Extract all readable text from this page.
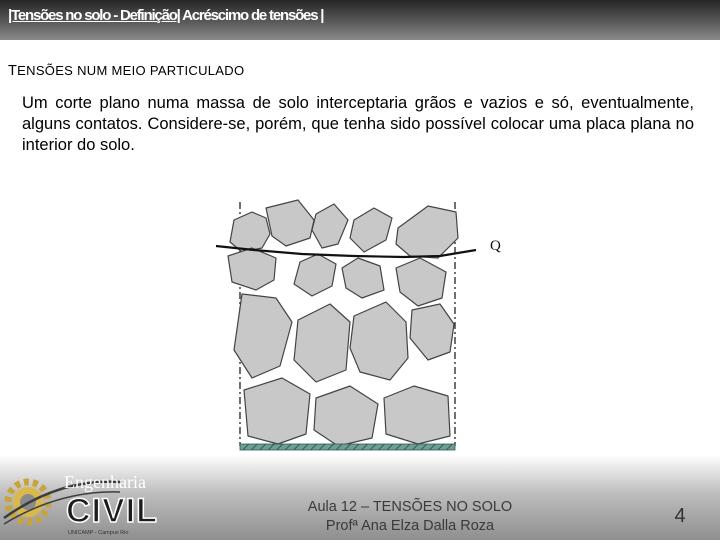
|Tensões no solo - Definição| Acréscimo de tensões |
TENSÕES NUM MEIO PARTICULADO
Um corte plano numa massa de solo interceptaria grãos e vazios e só, eventualmente, alguns contatos. Considere-se, porém, que tenha sido possível colocar uma placa plana no interior do solo.
Q
Engenharia
CIVIL
UNICAMP - Campus Rio
Aula 12 – TENSÕES NO SOLO
Profª Ana Elza Dalla Roza	4
